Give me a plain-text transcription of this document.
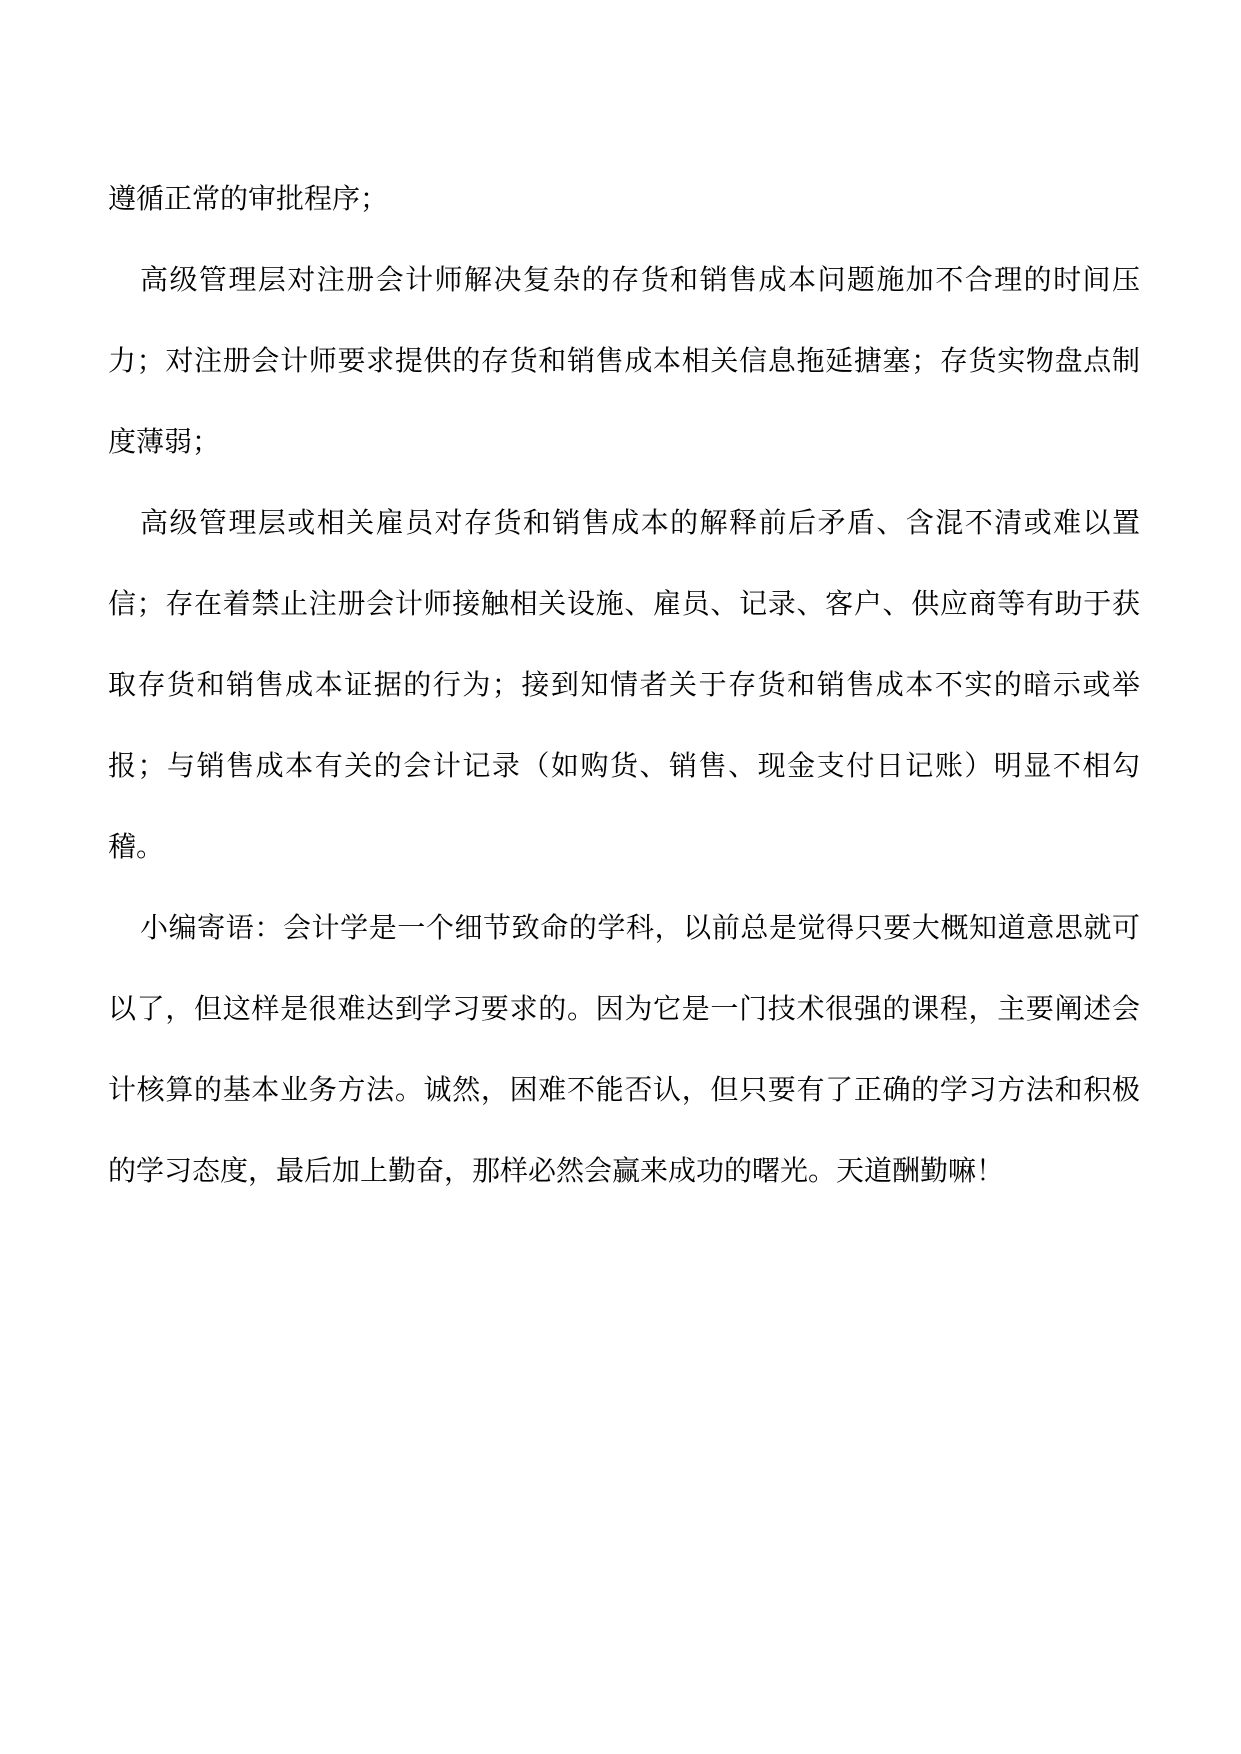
遵循正常的审批程序；

高级管理层对注册会计师解决复杂的存货和销售成本问题施加不合理的时间压力；对注册会计师要求提供的存货和销售成本相关信息拖延搪塞；存货实物盘点制度薄弱；

高级管理层或相关雇员对存货和销售成本的解释前后矛盾、含混不清或难以置信；存在着禁止注册会计师接触相关设施、雇员、记录、客户、供应商等有助于获取存货和销售成本证据的行为；接到知情者关于存货和销售成本不实的暗示或举报；与销售成本有关的会计记录（如购货、销售、现金支付日记账）明显不相勾稽。

小编寄语：会计学是一个细节致命的学科，以前总是觉得只要大概知道意思就可以了，但这样是很难达到学习要求的。因为它是一门技术很强的课程，主要阐述会计核算的基本业务方法。诚然，困难不能否认，但只要有了正确的学习方法和积极的学习态度，最后加上勤奋，那样必然会赢来成功的曙光。天道酬勤嘛！
